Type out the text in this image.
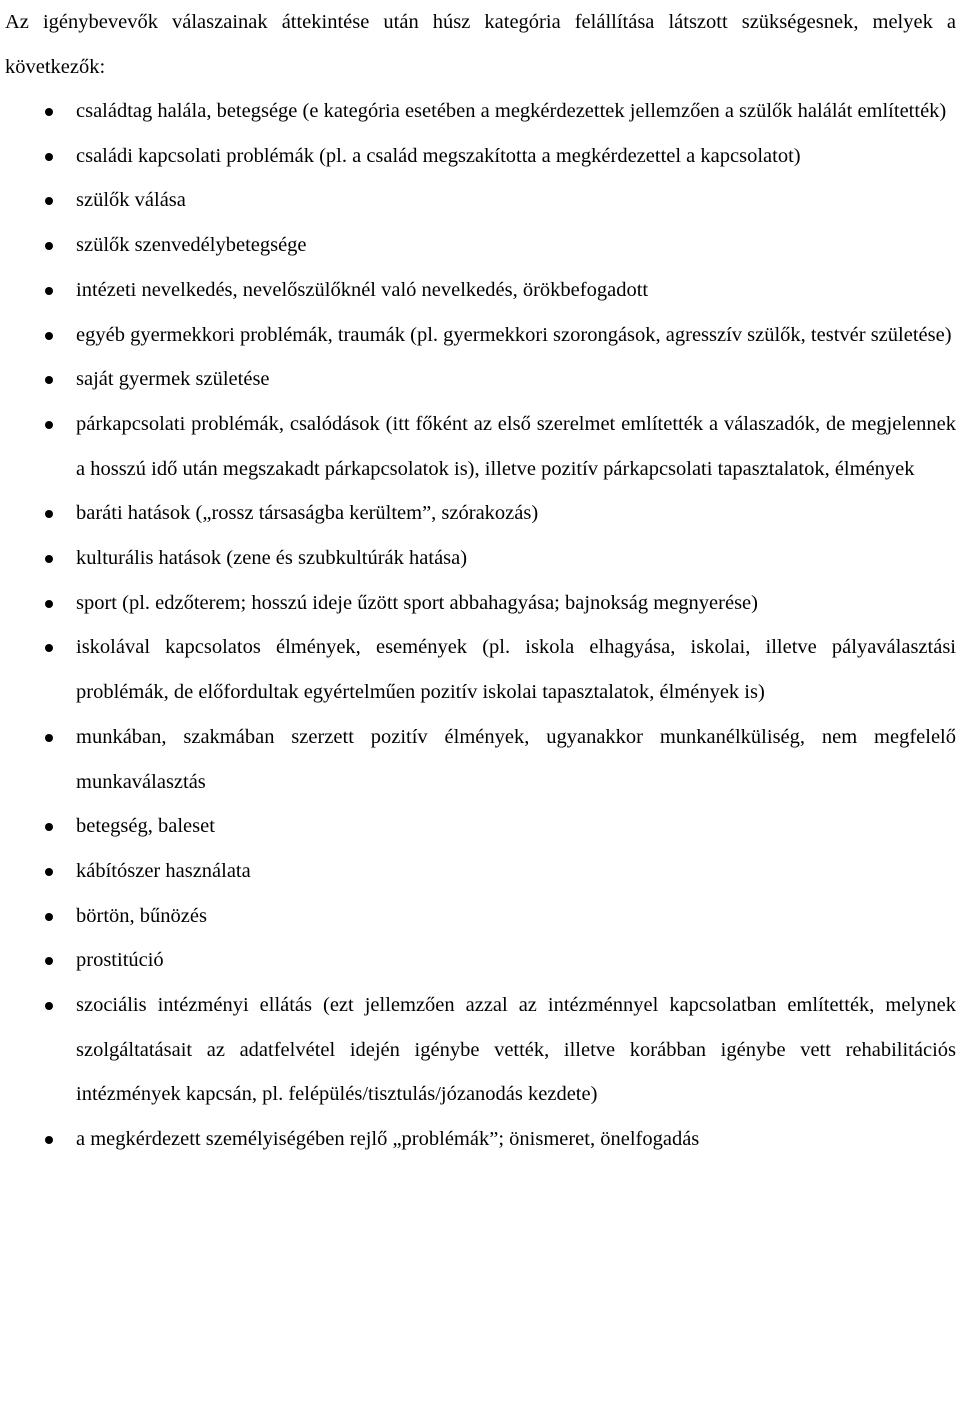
Az igénybevevők válaszainak áttekintése után húsz kategória felállítása látszott szükségesnek, melyek a következők:

családtag halála, betegsége (e kategória esetében a megkérdezettek jellemzően a szülők halálát említették)
családi kapcsolati problémák (pl. a család megszakította a megkérdezettel a kapcsolatot)
szülők válása
szülők szenvedélybetegsége
intézeti nevelkedés, nevelőszülőknél való nevelkedés, örökbefogadott
egyéb gyermekkori problémák, traumák (pl. gyermekkori szorongások, agresszív szülők, testvér születése)
saját gyermek születése
párkapcsolati problémák, csalódások (itt főként az első szerelmet említették a válaszadók, de megjelennek a hosszú idő után megszakadt párkapcsolatok is), illetve pozitív párkapcsolati tapasztalatok, élmények
baráti hatások („rossz társaságba kerültem”, szórakozás)
kulturális hatások (zene és szubkultúrák hatása)
sport (pl. edzőterem; hosszú ideje űzött sport abbahagyása; bajnokság megnyerése)
iskolával kapcsolatos élmények, események (pl. iskola elhagyása, iskolai, illetve pályaválasztási problémák, de előfordultak egyértelműen pozitív iskolai tapasztalatok, élmények is)
munkában, szakmában szerzett pozitív élmények, ugyanakkor munkanélküliség, nem megfelelő munkaválasztás
betegség, baleset
kábítószer használata
börtön, bűnözés
prostitúció
szociális intézményi ellátás (ezt jellemzően azzal az intézménnyel kapcsolatban említették, melynek szolgáltatásait az adatfelvétel idején igénybe vették, illetve korábban igénybe vett rehabilitációs intézmények kapcsán, pl. felépülés/tisztulás/józanodás kezdete)
a megkérdezett személyiségében rejlő „problémák”; önismeret, önelfogadás
